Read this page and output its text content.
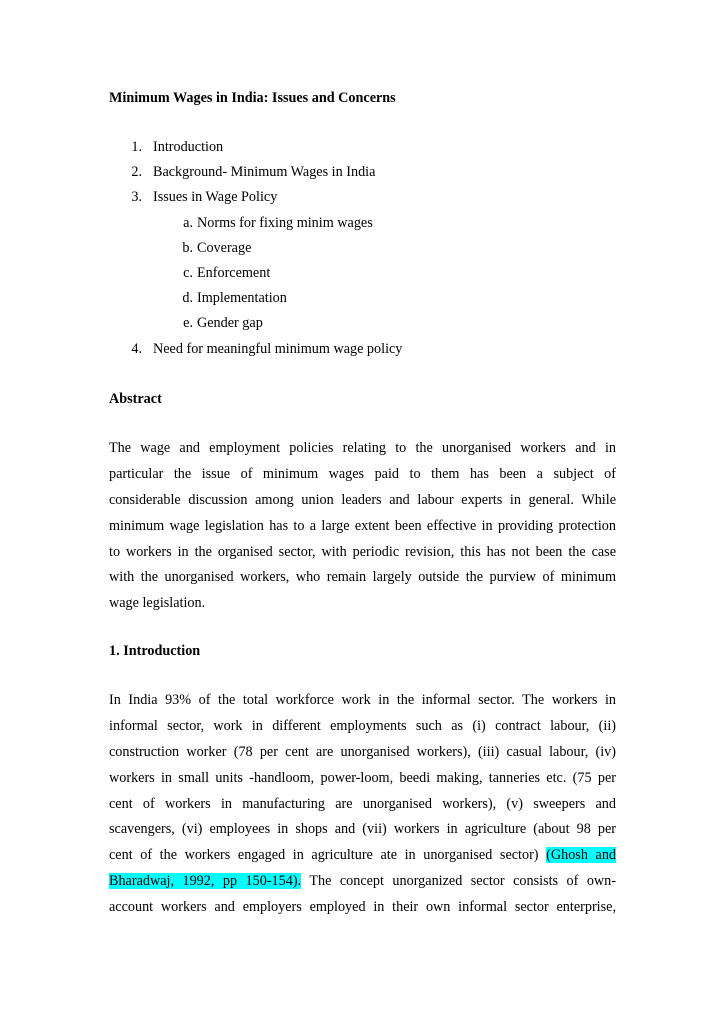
Minimum Wages in India: Issues and Concerns
1. Introduction
2. Background- Minimum Wages in India
3. Issues in Wage Policy
a. Norms for fixing minim wages
b. Coverage
c. Enforcement
d. Implementation
e. Gender gap
4. Need for meaningful minimum wage policy
Abstract
The wage and employment policies relating to the unorganised workers and in
particular the issue of minimum wages paid to them has been a subject of
considerable discussion among union leaders and labour experts in general. While
minimum wage legislation has to a large extent been effective in providing protection
to workers in the organised sector, with periodic revision, this has not been the case
with the unorganised workers, who remain largely outside the purview of minimum
wage legislation.
1. Introduction
In India 93% of the total workforce work in the informal sector. The workers in
informal sector, work in different employments such as (i) contract labour, (ii)
construction worker (78 per cent are unorganised workers), (iii) casual labour, (iv)
workers in small units -handloom, power-loom, beedi making, tanneries etc. (75 per
cent of workers in manufacturing are unorganised workers), (v) sweepers and
scavengers, (vi) employees in shops and (vii) workers in agriculture (about 98 per
cent of the workers engaged in agriculture ate in unorganised sector) (Ghosh and
Bharadwaj, 1992, pp 150-154). The concept unorganized sector consists of own-
account workers and employers employed in their own informal sector enterprise,
